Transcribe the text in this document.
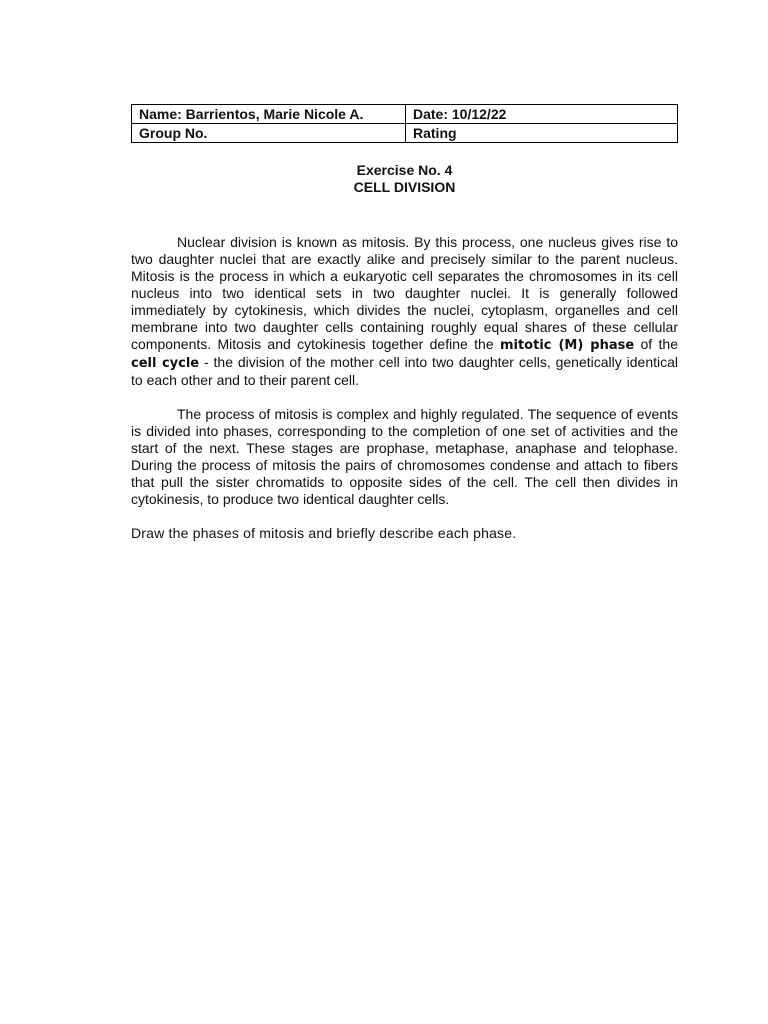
Name: Barrientos, Marie Nicole A.	Date: 10/12/22
Group No.	Rating
Exercise No. 4
CELL DIVISION

Nuclear division is known as mitosis. By this process, one nucleus gives rise to two daughter nuclei that are exactly alike and precisely similar to the parent nucleus. Mitosis is the process in which a eukaryotic cell separates the chromosomes in its cell nucleus into two identical sets in two daughter nuclei. It is generally followed immediately by cytokinesis, which divides the nuclei, cytoplasm, organelles and cell membrane into two daughter cells containing roughly equal shares of these cellular components. Mitosis and cytokinesis together define the mitotic (M) phase of the cell cycle - the division of the mother cell into two daughter cells, genetically identical to each other and to their parent cell.

The process of mitosis is complex and highly regulated. The sequence of events is divided into phases, corresponding to the completion of one set of activities and the start of the next. These stages are prophase, metaphase, anaphase and telophase. During the process of mitosis the pairs of chromosomes condense and attach to fibers that pull the sister chromatids to opposite sides of the cell. The cell then divides in cytokinesis, to produce two identical daughter cells.

Draw the phases of mitosis and briefly describe each phase.
